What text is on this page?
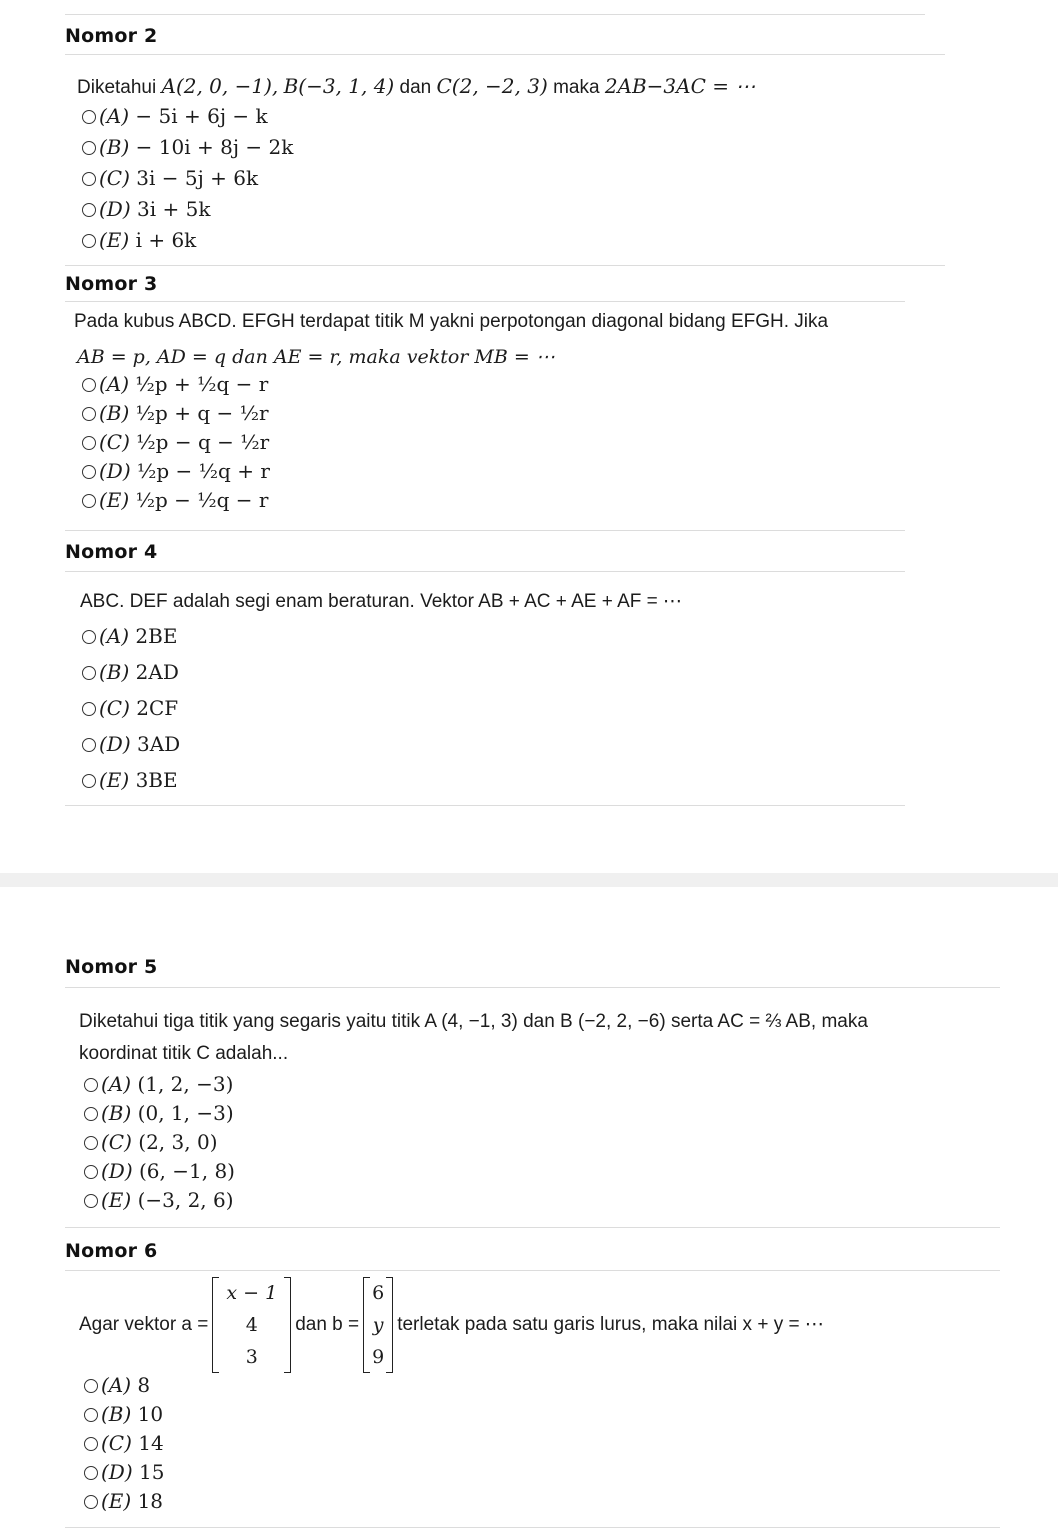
Nomor 2
Diketahui A(2, 0, −1), B(−3, 1, 4) dan C(2, −2, 3) maka 2AB−3AC = ⋯
(A) − 5i + 6j − k
(B) − 10i + 8j − 2k
(C) 3i − 5j + 6k
(D) 3i + 5k
(E) i + 6k
Nomor 3
Pada kubus ABCD. EFGH terdapat titik M yakni perpotongan diagonal bidang EFGH. Jika
AB = p, AD = q dan AE = r, maka vektor MB = ⋯
(A) ½p + ½q − r
(B) ½p + q − ½r
(C) ½p − q − ½r
(D) ½p − ½q + r
(E) ½p − ½q − r
Nomor 4
ABC. DEF adalah segi enam beraturan. Vektor AB + AC + AE + AF = ⋯
(A) 2BE
(B) 2AD
(C) 2CF
(D) 3AD
(E) 3BE
Nomor 5
Diketahui tiga titik yang segaris yaitu titik A (4, −1, 3) dan B (−2, 2, −6) serta AC = ⅔ AB, maka
koordinat titik C adalah...
(A) (1, 2, −3)
(B) (0, 1, −3)
(C) (2, 3, 0)
(D) (6, −1, 8)
(E) (−3, 2, 6)
Nomor 6
Agar vektor a =
x − 1
4
3
dan b =
6
y
9
terletak pada satu garis lurus, maka nilai x + y = ⋯
(A) 8
(B) 10
(C) 14
(D) 15
(E) 18
